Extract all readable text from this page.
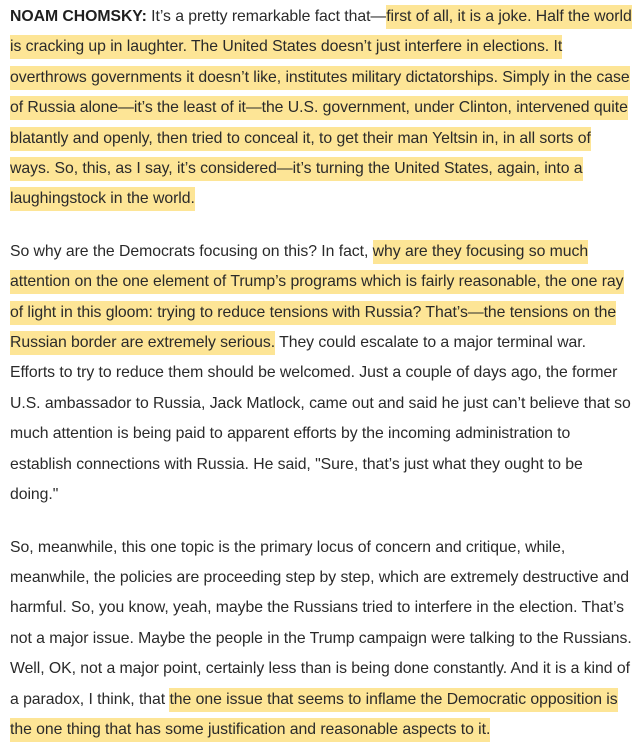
NOAM CHOMSKY: It’s a pretty remarkable fact that—first of all, it is a joke. Half the world is cracking up in laughter. The United States doesn’t just interfere in elections. It overthrows governments it doesn’t like, institutes military dictatorships. Simply in the case of Russia alone—it’s the least of it—the U.S. government, under Clinton, intervened quite blatantly and openly, then tried to conceal it, to get their man Yeltsin in, in all sorts of ways. So, this, as I say, it’s considered—it’s turning the United States, again, into a laughingstock in the world.

So why are the Democrats focusing on this? In fact, why are they focusing so much attention on the one element of Trump’s programs which is fairly reasonable, the one ray of light in this gloom: trying to reduce tensions with Russia? That’s—the tensions on the Russian border are extremely serious. They could escalate to a major terminal war. Efforts to try to reduce them should be welcomed. Just a couple of days ago, the former U.S. ambassador to Russia, Jack Matlock, came out and said he just can’t believe that so much attention is being paid to apparent efforts by the incoming administration to establish connections with Russia. He said, "Sure, that’s just what they ought to be doing."

So, meanwhile, this one topic is the primary locus of concern and critique, while, meanwhile, the policies are proceeding step by step, which are extremely destructive and harmful. So, you know, yeah, maybe the Russians tried to interfere in the election. That’s not a major issue. Maybe the people in the Trump campaign were talking to the Russians. Well, OK, not a major point, certainly less than is being done constantly. And it is a kind of a paradox, I think, that the one issue that seems to inflame the Democratic opposition is the one thing that has some justification and reasonable aspects to it.
